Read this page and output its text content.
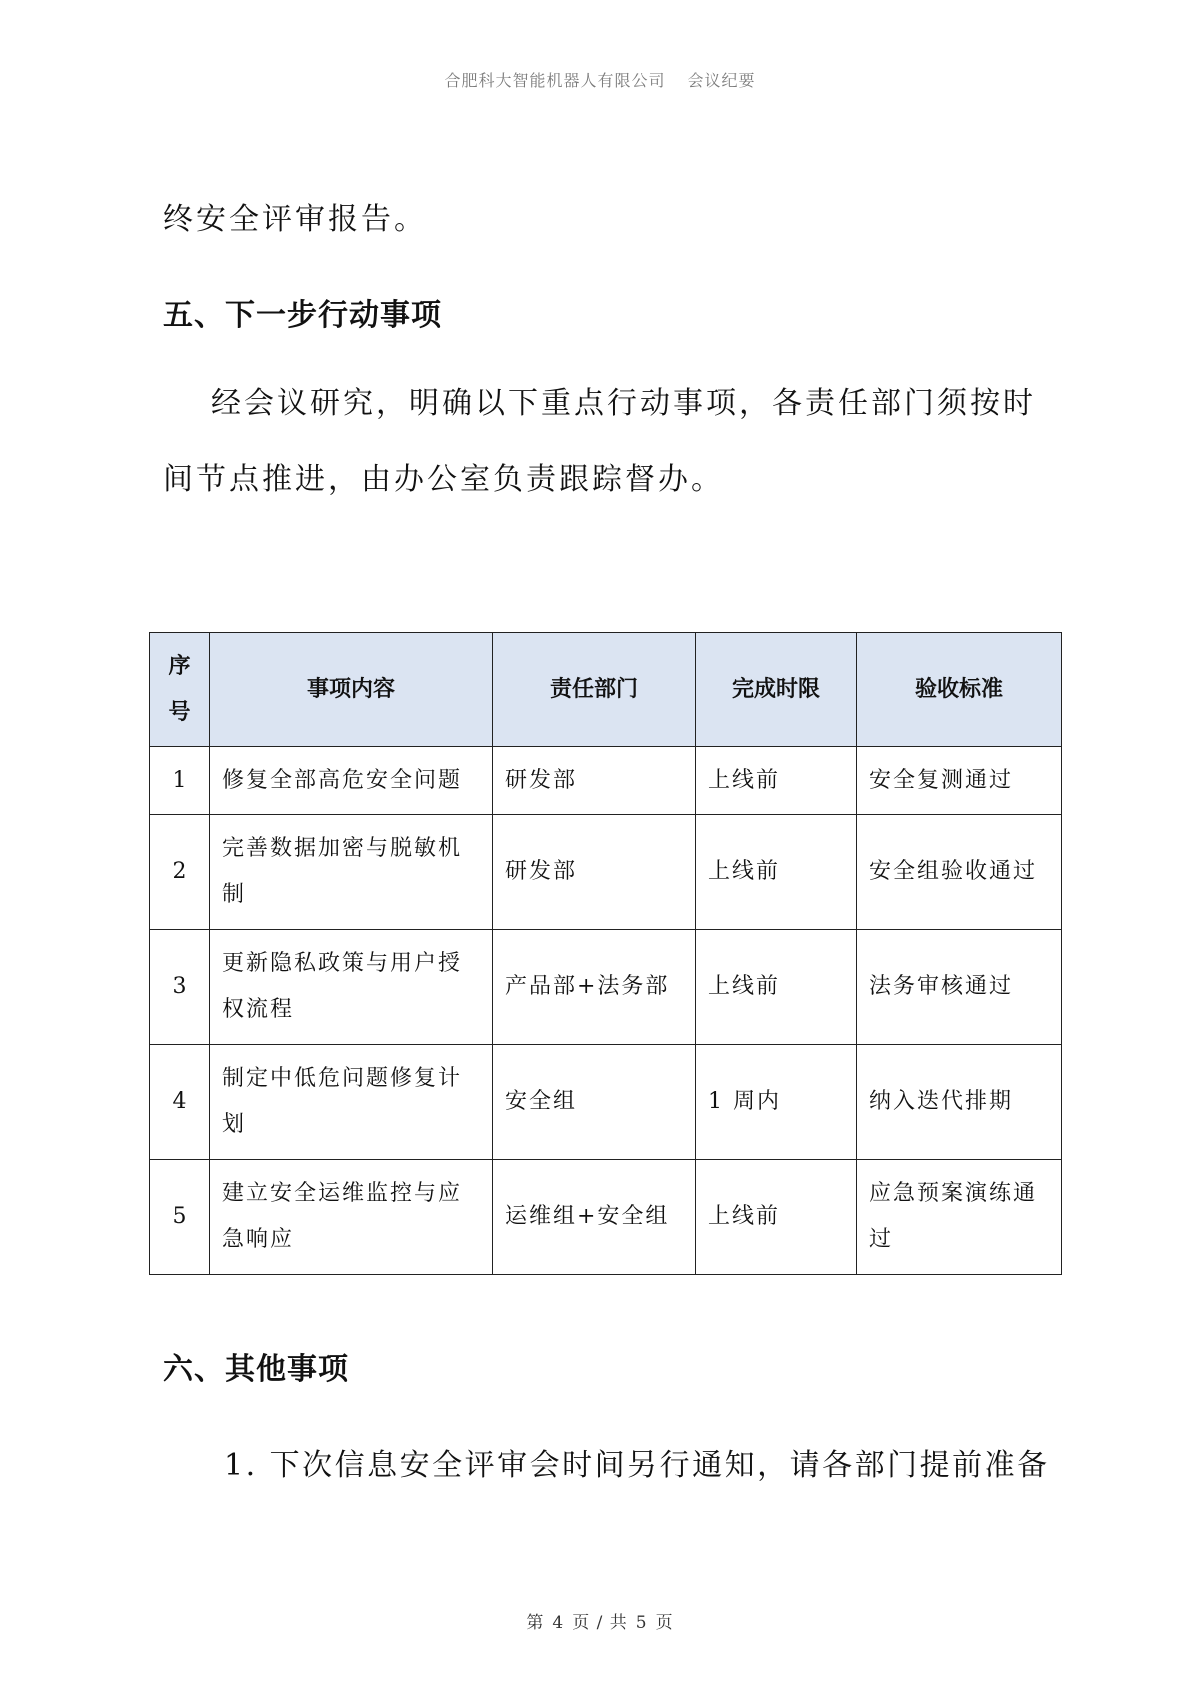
合肥科大智能机器人有限公司 会议纪要

终安全评审报告。

五、下一步行动事项

经会议研究，明确以下重点行动事项，各责任部门须按时

间节点推进，由办公室负责跟踪督办。

序号	事项内容	责任部门	完成时限	验收标准
1	修复全部高危安全问题	研发部	上线前	安全复测通过
2	完善数据加密与脱敏机制	研发部	上线前	安全组验收通过
3	更新隐私政策与用户授权流程	产品部+法务部	上线前	法务审核通过
4	制定中低危问题修复计划	安全组	1 周内	纳入迭代排期
5	建立安全运维监控与应急响应	运维组+安全组	上线前	应急预案演练通过
六、其他事项

1. 下次信息安全评审会时间另行通知，请各部门提前准备

第 4 页 / 共 5 页
